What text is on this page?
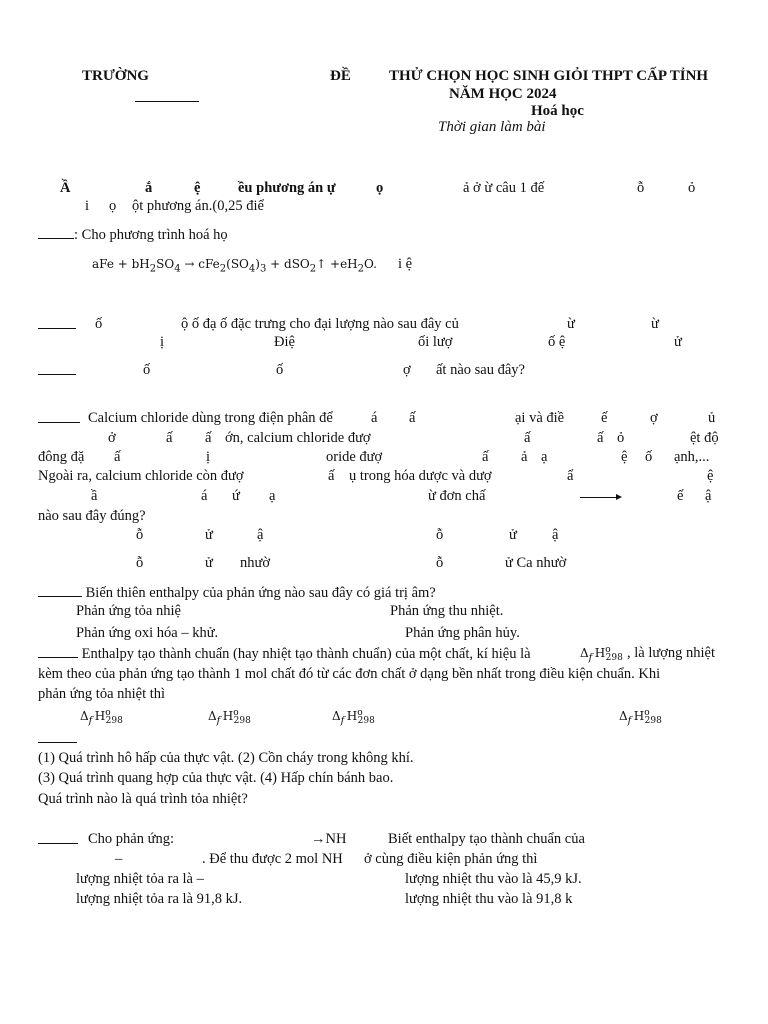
TRƯỜNG	ĐỀ	THỬ CHỌN HỌC SINH GIỎI THPT CẤP TỈNH
NĂM HỌC 2024
Hoá học
Thời gian làm bài
Ầ	ắ	ệ	ều phương án ự	ọ	ả ở ừ câu 1 đế	ỗ	ỏ
i ọ ột phương án.(0,25 điể
: Cho phương trình hoá họ
aFe + $bH_2SO_4 \to cFe_2(SO_4)_3$ + dSO$_2$↑ $+eH_2O$. i ệ
ố	ộ ố đạ ố đặc trưng cho đại lượng nào sau đây củ	ừ	ừ
ị	Điệ	ối lượ	ố ệ	ử
ố	ố	ợ ất nào sau đây?
Calcium chloride dùng trong điện phân để	á ấ	ại và điề	ế	ợ	ủ
ở	ấ ấ ớn, calcium chloride đượ	ấ	ấ ỏ	ệt độ
đông đặ ấ	ị	oride đượ	ấ ả ạ	ệ ố ạnh,...
Ngoài ra, calcium chloride còn đượ	ấ ụ trong hóa dược và dượ	ẩ	ệ
ầ	á ứ ạ	ừ đơn chấ	ế ậ
nào sau đây đúng?
ỗ	ử	ậ	ỗ	ử ậ
ỗ	ử nhườ	ỗ	ử Ca nhườ
Biến thiên enthalpy của phản ứng nào sau đây có giá trị âm?
Phản ứng tỏa nhiệ	Phản ứng thu nhiệt.
Phản ứng oxi hóa – khử.	Phản ứng phân hủy.
Enthalpy tạo thành chuẩn (hay nhiệt tạo thành chuẩn) của một chất, kí hiệu là	$\Delta_f$  $H^o_{298}$ , là lượng nhiệt
kèm theo của phản ứng tạo thành 1 mol chất đó từ các đơn chất ở dạng bền nhất trong điều kiện chuẩn. Khi
phản ứng tỏa nhiệt thì
$\Delta_f$  $H^o_{298}$	$\Delta_f$  $H^o_{298}$	$\Delta_f$  $H^o_{298}$	$\Delta_f$  $H^o_{298}$
(1) Quá trình hô hấp của thực vật. (2) Cồn cháy trong không khí.
(3) Quá trình quang hợp của thực vật. (4) Hấp chín bánh bao.
Quá trình nào là quá trình tỏa nhiệt?
Cho phản ứng:	→NH	Biết enthalpy tạo thành chuẩn của
–	. Để thu được 2 mol NH ở cùng điều kiện phản ứng thì
lượng nhiệt tỏa ra là –	lượng nhiệt thu vào là 45,9 kJ.
lượng nhiệt tỏa ra là 91,8 kJ.	lượng nhiệt thu vào là 91,8 k
